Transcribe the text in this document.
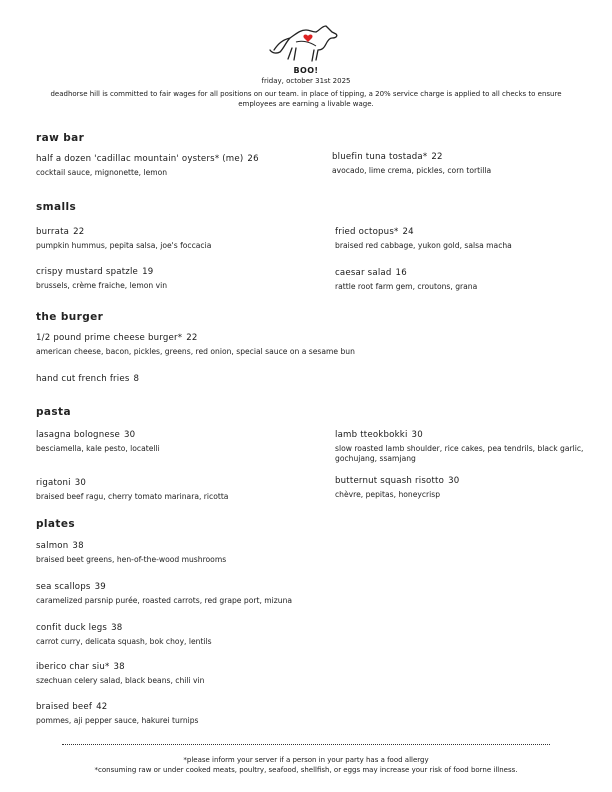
BOO!
friday, october 31st 2025
deadhorse hill is committed to fair wages for all positions on our team. in place of tipping, a 20% service charge is applied to all checks to ensure employees are earning a livable wage.
raw bar
half a dozen 'cadillac mountain' oysters* (me) 26
cocktail sauce, mignonette, lemon
bluefin tuna tostada* 22
avocado, lime crema, pickles, corn tortilla
smalls
burrata 22
pumpkin hummus, pepita salsa, joe's foccacia
fried octopus* 24
braised red cabbage, yukon gold, salsa macha
crispy mustard spatzle 19
brussels, crème fraiche, lemon vin
caesar salad 16
rattle root farm gem, croutons, grana
the burger
1/2 pound prime cheese burger* 22
american cheese, bacon, pickles, greens, red onion, special sauce on a sesame bun
hand cut french fries 8
pasta
lasagna bolognese 30
besciamella, kale pesto, locatelli
lamb tteokbokki 30
slow roasted lamb shoulder, rice cakes, pea tendrils, black garlic, gochujang, ssamjang
rigatoni 30
braised beef ragu, cherry tomato marinara, ricotta
butternut squash risotto 30
chèvre, pepitas, honeycrisp
plates
salmon 38
braised beet greens, hen-of-the-wood mushrooms
sea scallops 39
caramelized parsnip purée, roasted carrots, red grape port, mizuna
confit duck legs 38
carrot curry, delicata squash, bok choy, lentils
iberico char siu* 38
szechuan celery salad, black beans, chili vin
braised beef 42
pommes, aji pepper sauce, hakurei turnips
*please inform your server if a person in your party has a food allergy
*consuming raw or under cooked meats, poultry, seafood, shellfish, or eggs may increase your risk of food borne illness.
